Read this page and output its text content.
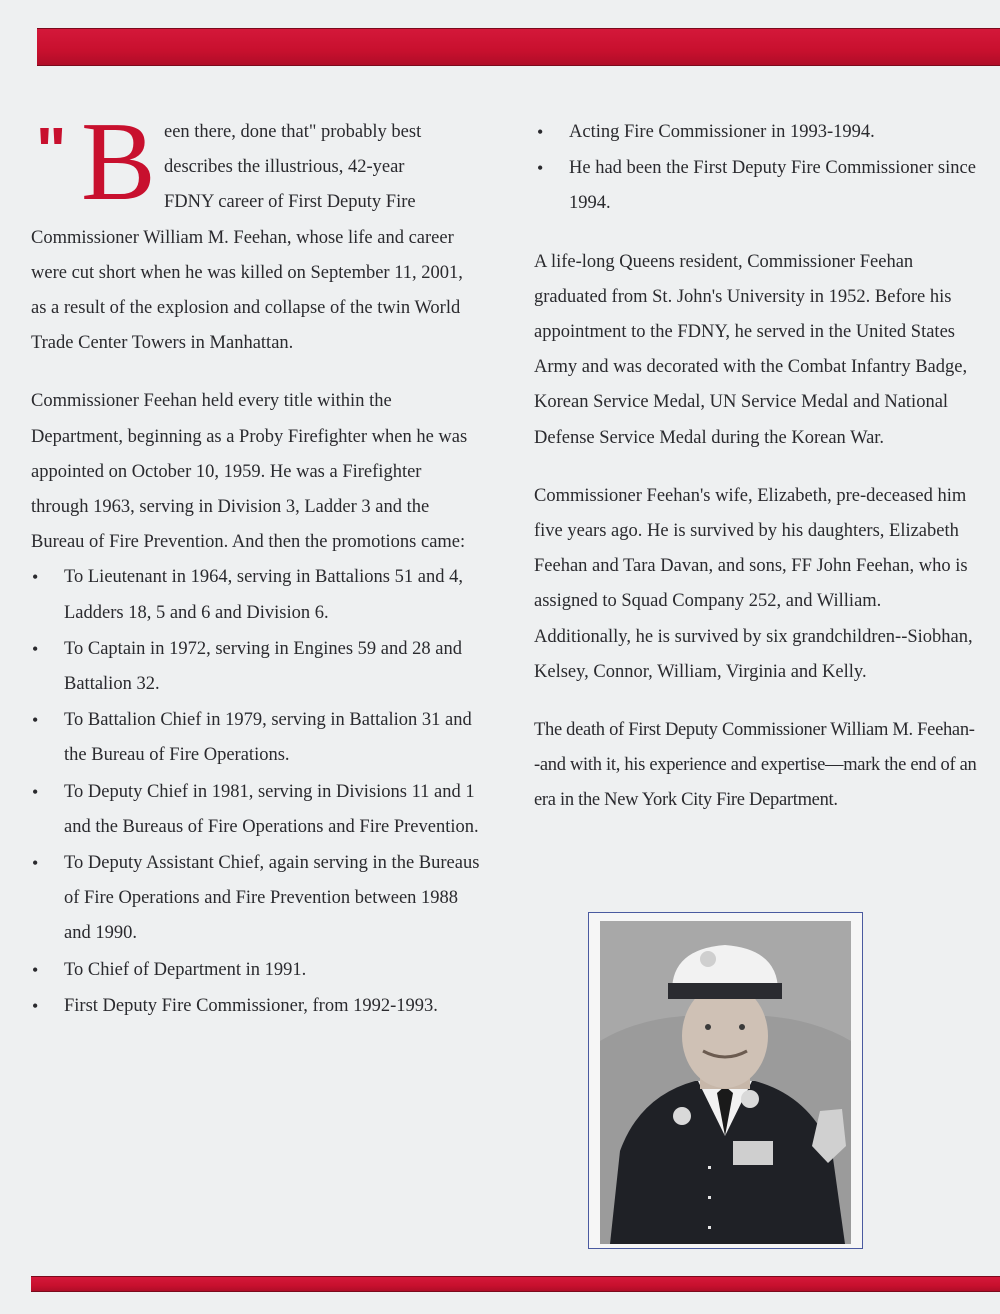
" B een there, done that" probably best
describes the illustrious, 42-year
FDNY career of First Deputy Fire

Commissioner William M. Feehan, whose life and career were cut short when he was killed on September 11, 2001, as a result of the explosion and collapse of the twin World Trade Center Towers in Manhattan.

Commissioner Feehan held every title within the Department, beginning as a Proby Firefighter when he was appointed on October 10, 1959. He was a Firefighter through 1963, serving in Division 3, Ladder 3 and the Bureau of Fire Prevention. And then the promotions came:

• To Lieutenant in 1964, serving in Battalions 51 and 4, Ladders 18, 5 and 6 and Division 6.
• To Captain in 1972, serving in Engines 59 and 28 and Battalion 32.
• To Battalion Chief in 1979, serving in Battalion 31 and the Bureau of Fire Operations.
• To Deputy Chief in 1981, serving in Divisions 11 and 1 and the Bureaus of Fire Operations and Fire Prevention.
• To Deputy Assistant Chief, again serving in the Bureaus of Fire Operations and Fire Prevention between 1988 and 1990.
• To Chief of Department in 1991.
• First Deputy Fire Commissioner, from 1992-1993.
• Acting Fire Commissioner in 1993-1994.
• He had been the First Deputy Fire Commissioner since 1994.

A life-long Queens resident, Commissioner Feehan graduated from St. John's University in 1952. Before his appointment to the FDNY, he served in the United States Army and was decorated with the Combat Infantry Badge, Korean Service Medal, UN Service Medal and National Defense Service Medal during the Korean War.

Commissioner Feehan's wife, Elizabeth, pre-deceased him five years ago. He is survived by his daughters, Elizabeth Feehan and Tara Davan, and sons, FF John Feehan, who is assigned to Squad Company 252, and William. Additionally, he is survived by six grandchildren--Siobhan, Kelsey, Connor, William, Virginia and Kelly.

The death of First Deputy Commissioner William M. Feehan--and with it, his experience and expertise—mark the end of an era in the New York City Fire Department.
